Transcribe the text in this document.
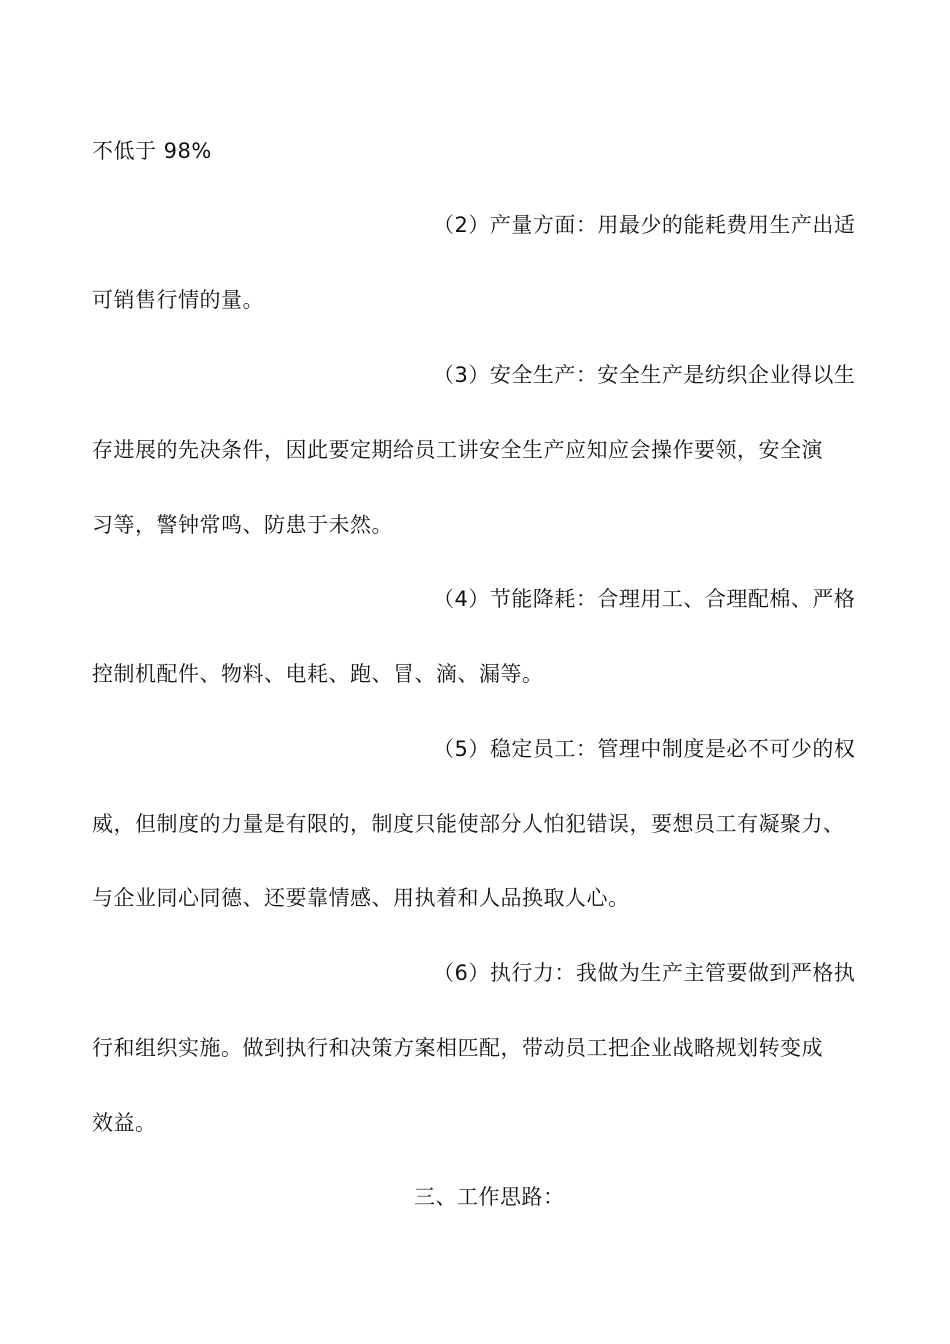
不低于 98%
（2）产量方面：用最少的能耗费用生产出适
可销售行情的量。
（3）安全生产：安全生产是纺织企业得以生
存进展的先决条件，因此要定期给员工讲安全生产应知应会操作要领，安全演
习等，警钟常鸣、防患于未然。
（4）节能降耗：合理用工、合理配棉、严格
控制机配件、物料、电耗、跑、冒、滴、漏等。
（5）稳定员工：管理中制度是必不可少的权
威，但制度的力量是有限的，制度只能使部分人怕犯错误，要想员工有凝聚力、
与企业同心同德、还要靠情感、用执着和人品换取人心。
（6）执行力：我做为生产主管要做到严格执
行和组织实施。做到执行和决策方案相匹配，带动员工把企业战略规划转变成
效益。
三、工作思路：
